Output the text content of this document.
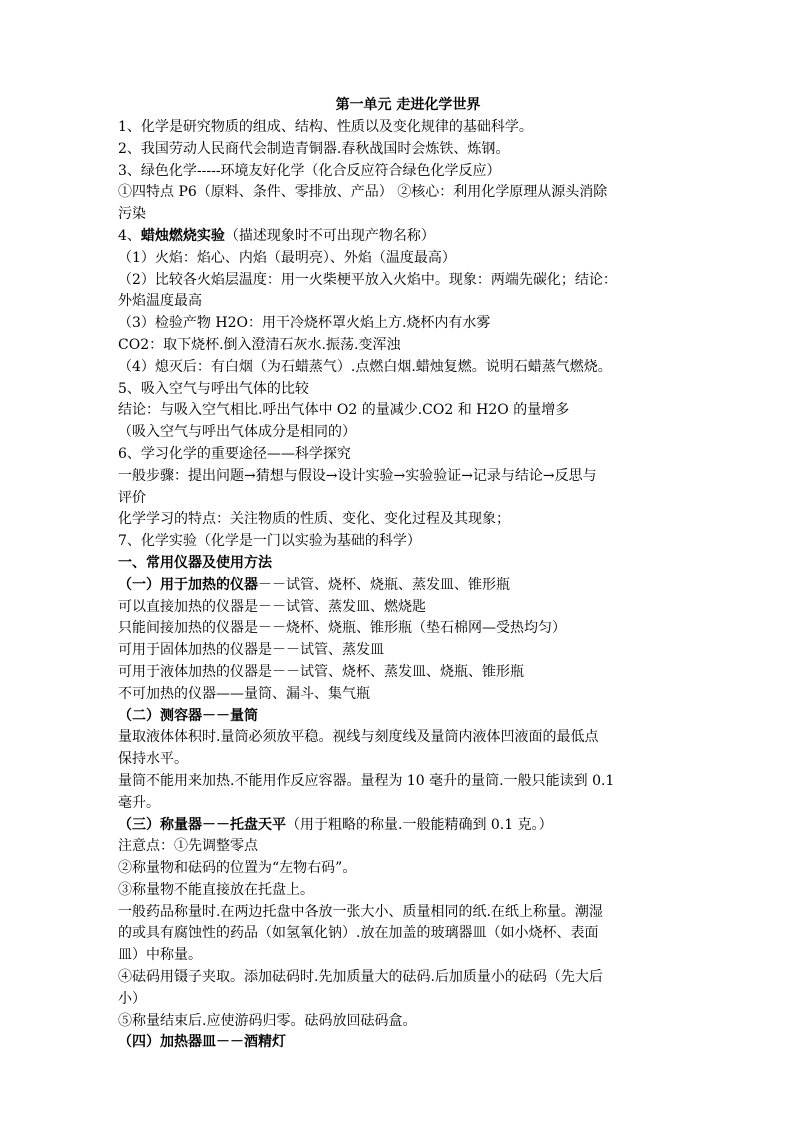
第一单元 走进化学世界
1、化学是研究物质的组成、结构、性质以及变化规律的基础科学。
2、我国劳动人民商代会制造青铜器.春秋战国时会炼铁、炼钢。
3、绿色化学-----环境友好化学（化合反应符合绿色化学反应）
①四特点 P6（原料、条件、零排放、产品） ②核心：利用化学原理从源头消除
污染
4、蜡烛燃烧实验（描述现象时不可出现产物名称）
（1）火焰：焰心、内焰（最明亮）、外焰（温度最高）
（2）比较各火焰层温度：用一火柴梗平放入火焰中。现象：两端先碳化；结论：
外焰温度最高
（3）检验产物 H2O：用干冷烧杯罩火焰上方.烧杯内有水雾
CO2：取下烧杯.倒入澄清石灰水.振荡.变浑浊
（4）熄灭后：有白烟（为石蜡蒸气）.点燃白烟.蜡烛复燃。说明石蜡蒸气燃烧。
5、吸入空气与呼出气体的比较
结论：与吸入空气相比.呼出气体中 O2 的量减少.CO2 和 H2O 的量增多
（吸入空气与呼出气体成分是相同的）
6、学习化学的重要途径——科学探究
一般步骤：提出问题→猜想与假设→设计实验→实验验证→记录与结论→反思与
评价
化学学习的特点：关注物质的性质、变化、变化过程及其现象；
7、化学实验（化学是一门以实验为基础的科学）
一、常用仪器及使用方法
（一）用于加热的仪器－－试管、烧杯、烧瓶、蒸发皿、锥形瓶
可以直接加热的仪器是－－试管、蒸发皿、燃烧匙
只能间接加热的仪器是－－烧杯、烧瓶、锥形瓶（垫石棉网—受热均匀）
可用于固体加热的仪器是－－试管、蒸发皿
可用于液体加热的仪器是－－试管、烧杯、蒸发皿、烧瓶、锥形瓶
不可加热的仪器——量筒、漏斗、集气瓶
（二）测容器－－量筒
量取液体体积时.量筒必须放平稳。视线与刻度线及量筒内液体凹液面的最低点
保持水平。
量筒不能用来加热.不能用作反应容器。量程为 10 毫升的量筒.一般只能读到 0.1
毫升。
（三）称量器－－托盘天平（用于粗略的称量.一般能精确到 0.1 克。）
注意点：①先调整零点
②称量物和砝码的位置为“左物右码”。
③称量物不能直接放在托盘上。
一般药品称量时.在两边托盘中各放一张大小、质量相同的纸.在纸上称量。潮湿
的或具有腐蚀性的药品（如氢氧化钠）.放在加盖的玻璃器皿（如小烧杯、表面
皿）中称量。
④砝码用镊子夹取。添加砝码时.先加质量大的砝码.后加质量小的砝码（先大后
小）
⑤称量结束后.应使游码归零。砝码放回砝码盒。
（四）加热器皿－－酒精灯
